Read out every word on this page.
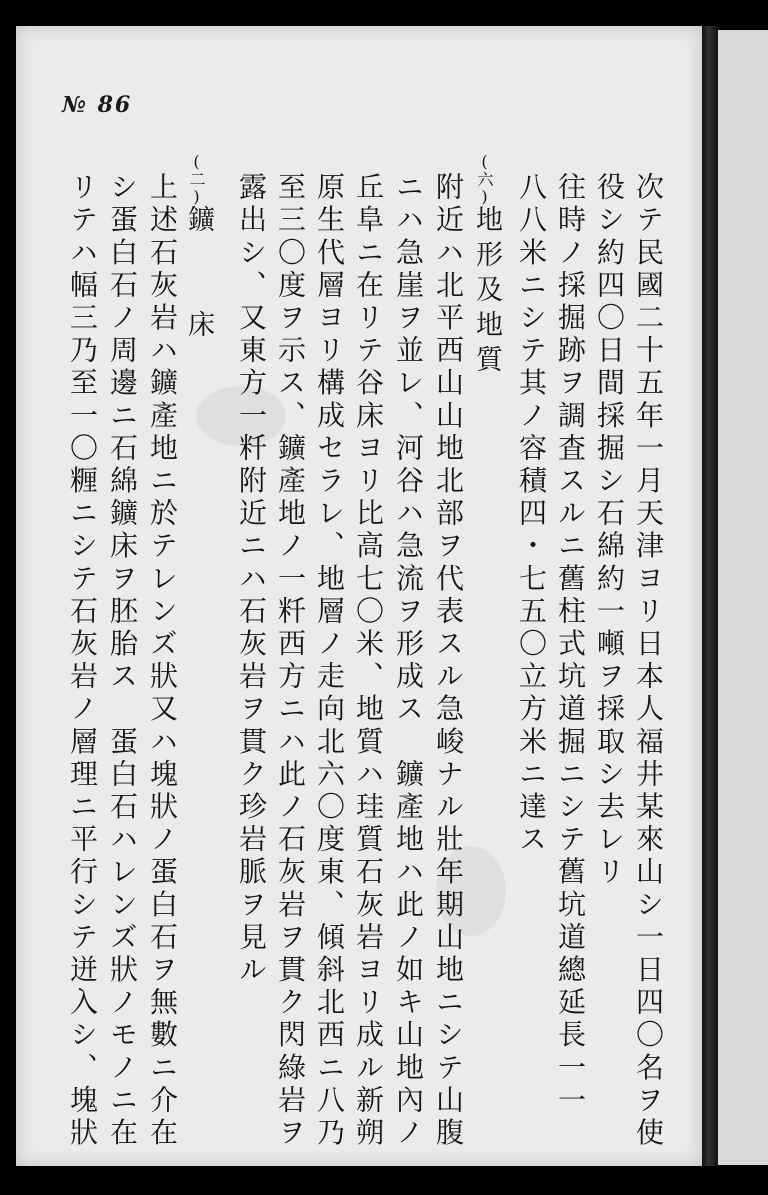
№ 86
次テ民國二十五年一月天津ヨリ日本人福井某來山シ一日四〇名ヲ使
役シ約四〇日間採掘シ石綿約一噸ヲ採取シ去レリ
往時ノ採掘跡ヲ調査スルニ舊柱式坑道掘ニシテ舊坑道總延長一一
八八米ニシテ其ノ容積四・七五〇立方米ニ達ス
(六)
地形及地質
附近ハ北平西山山地北部ヲ代表スル急峻ナル壯年期山地ニシテ山腹
ニハ急崖ヲ並レ、河谷ハ急流ヲ形成ス　鑛產地ハ此ノ如キ山地內ノ
丘阜ニ在リテ谷床ヨリ比高七〇米、地質ハ珪質石灰岩ヨリ成ル新朔
原生代層ヨリ構成セラレ、地層ノ走向北六〇度東、傾斜北西ニ八乃
至三〇度ヲ示ス、鑛產地ノ一粁西方ニハ此ノ石灰岩ヲ貫ク閃綠岩ヲ
露出シ、又東方一粁附近ニハ石灰岩ヲ貫ク珍岩脈ヲ見ル
(二)
鑛　　床
上述石灰岩ハ鑛產地ニ於テレンズ狀又ハ塊狀ノ蛋白石ヲ無數ニ介在
シ蛋白石ノ周邊ニ石綿鑛床ヲ胚胎ス　蛋白石ハレンズ狀ノモノニ在
リテハ幅三乃至一〇糎ニシテ石灰岩ノ層理ニ平行シテ迸入シ、塊狀
